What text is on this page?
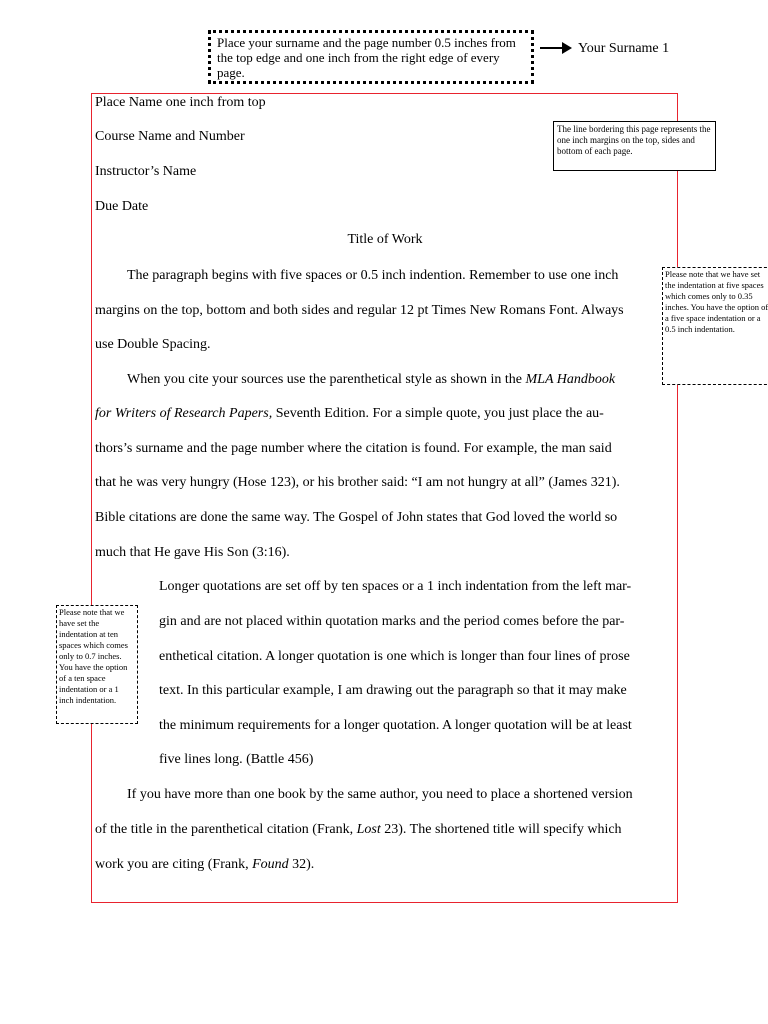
Place your surname and the page number 0.5 inches from the top edge and one inch from the right edge of every page.
Your Surname 1
Place Name one inch from top
Course Name and Number
Instructor’s Name
Due Date
Title of Work
The paragraph begins with five spaces or 0.5 inch indention. Remember to use one inch
margins on the top, bottom and both sides and regular 12 pt Times New Romans Font. Always
use Double Spacing.
When you cite your sources use the parenthetical style as shown in the MLA Handbook
for Writers of Research Papers, Seventh Edition. For a simple quote, you just place the au-
thors’s surname and the page number where the citation is found. For example, the man said
that he was very hungry (Hose 123), or his brother said: “I am not hungry at all” (James 321).
Bible citations are done the same way. The Gospel of John states that God loved the world so
much that He gave His Son (3:16).
Longer quotations are set off by ten spaces or a 1 inch indentation from the left mar-
gin and are not placed within quotation marks and the period comes before the par-
enthetical citation. A longer quotation is one which is longer than four lines of prose
text. In this particular example, I am drawing out the paragraph so that it may make
the minimum requirements for a longer quotation. A longer quotation will be at least
five lines long. (Battle 456)
If you have more than one book by the same author, you need to place a shortened version
of the title in the parenthetical citation (Frank, Lost 23). The shortened title will specify which
work you are citing (Frank, Found 32).
The line bordering this page represents the one inch margins on the top, sides and bottom of each page.
Please note that we have set the indentation at five spaces which comes only to 0.35 inches. You have the option of a five space indentation or a 0.5 inch indentation.
Please note that we have set the indentation at ten spaces which comes only to 0.7 inches. You have the option of a ten space indentation or a 1 inch indentation.
